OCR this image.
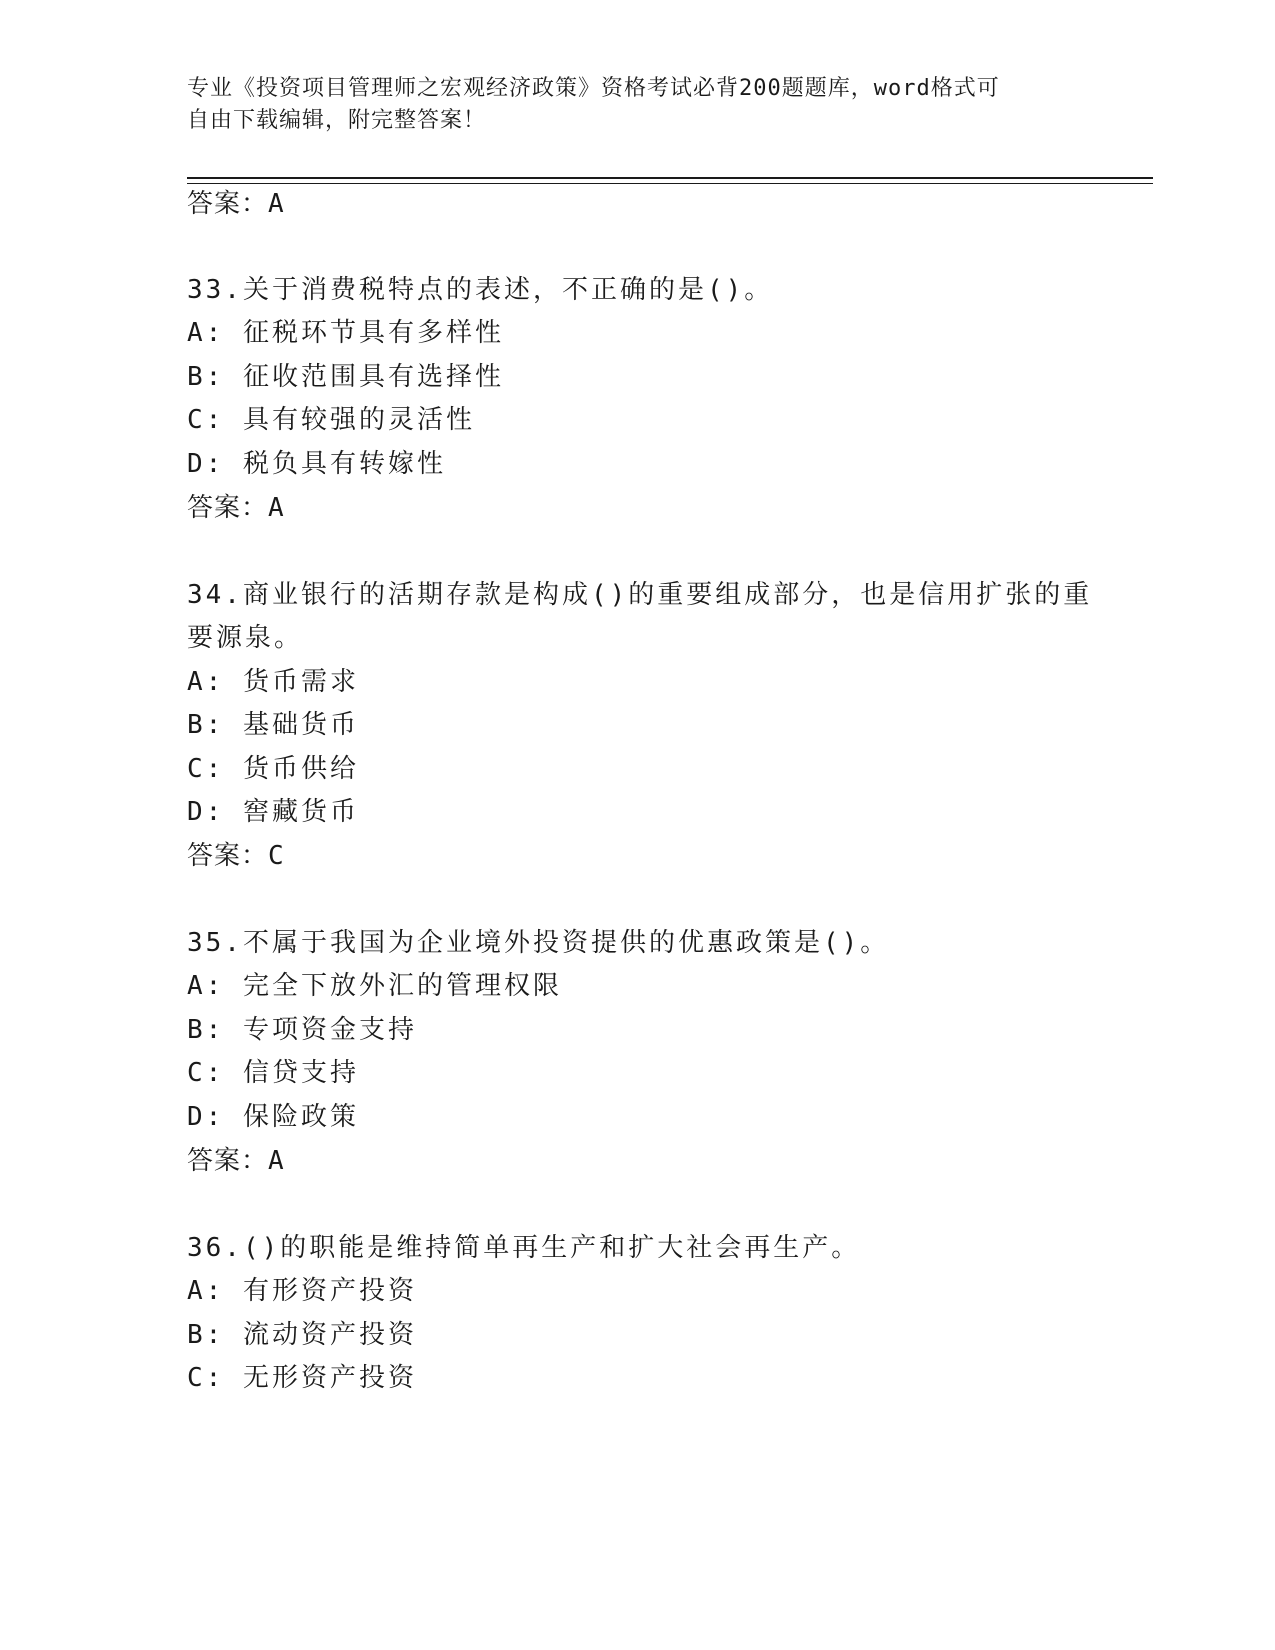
专业《投资项目管理师之宏观经济政策》资格考试必背200题题库，word格式可

自由下载编辑，附完整答案！

答案：A
33.关于消费税特点的表述，不正确的是()。
A: 征税环节具有多样性
B: 征收范围具有选择性
C: 具有较强的灵活性
D: 税负具有转嫁性
答案：A
34.商业银行的活期存款是构成()的重要组成部分，也是信用扩张的重
要源泉。
A: 货币需求
B: 基础货币
C: 货币供给
D: 窖藏货币
答案：C
35.不属于我国为企业境外投资提供的优惠政策是()。
A: 完全下放外汇的管理权限
B: 专项资金支持
C: 信贷支持
D: 保险政策
答案：A
36.()的职能是维持简单再生产和扩大社会再生产。
A: 有形资产投资
B: 流动资产投资
C: 无形资产投资
